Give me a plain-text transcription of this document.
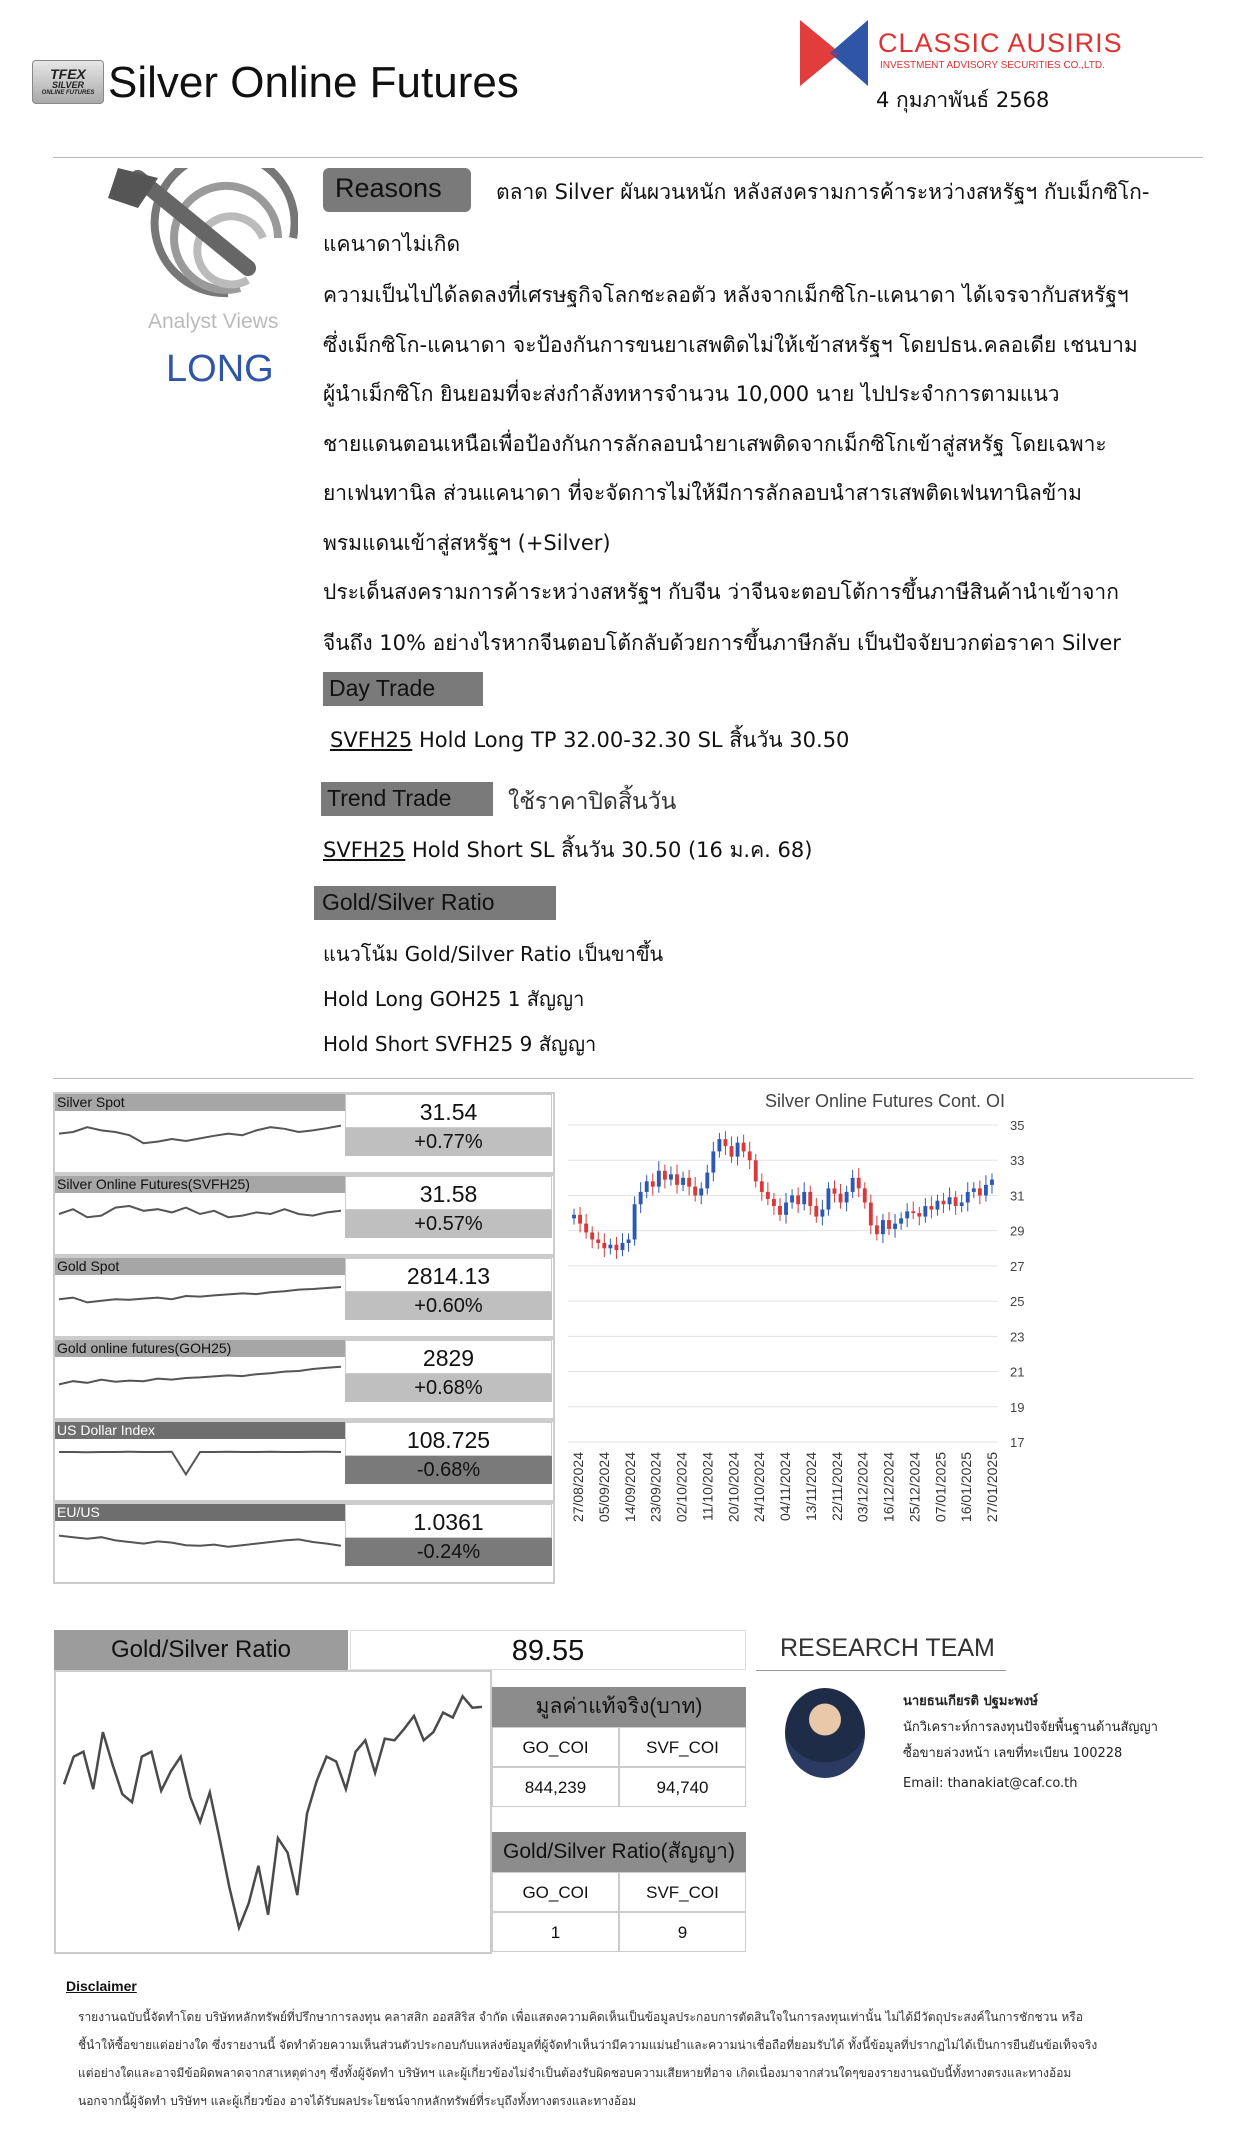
TFEX
SILVER
ONLINE FUTURES Silver Online Futures
CLASSIC AUSIRIS
INVESTMENT ADVISORY SECURITIES CO.,LTD.
4 กุมภาพันธ์ 2568
Analyst Views
LONG
Reasons	ตลาด Silver ผันผวนหนัก หลังสงครามการค้าระหว่างสหรัฐฯ กับเม็กซิโก-
แคนาดาไม่เกิด
ความเป็นไปได้ลดลงที่เศรษฐกิจโลกชะลอตัว หลังจากเม็กซิโก-แคนาดา ได้เจรจากับสหรัฐฯ
ซึ่งเม็กซิโก-แคนาดา จะป้องกันการขนยาเสพติดไม่ให้เข้าสหรัฐฯ โดยปธน.คลอเดีย เชนบาม
ผู้นำเม็กซิโก ยินยอมที่จะส่งกำลังทหารจำนวน 10,000 นาย ไปประจำการตามแนว
ชายแดนตอนเหนือเพื่อป้องกันการลักลอบนำยาเสพติดจากเม็กซิโกเข้าสู่สหรัฐ โดยเฉพาะ
ยาเฟนทานิล ส่วนแคนาดา ที่จะจัดการไม่ให้มีการลักลอบนำสารเสพติดเฟนทานิลข้าม
พรมแดนเข้าสู่สหรัฐฯ (+Silver)
ประเด็นสงครามการค้าระหว่างสหรัฐฯ กับจีน ว่าจีนจะตอบโต้การขึ้นภาษีสินค้านำเข้าจาก
จีนถึง 10% อย่างไรหากจีนตอบโต้กลับด้วยการขึ้นภาษีกลับ เป็นปัจจัยบวกต่อราคา Silver
Day Trade
SVFH25 Hold Long TP 32.00-32.30 SL สิ้นวัน 30.50
Trend Trade	ใช้ราคาปิดสิ้นวัน
SVFH25 Hold Short SL สิ้นวัน 30.50 (16 ม.ค. 68)
Gold/Silver Ratio
แนวโน้ม Gold/Silver Ratio เป็นขาขึ้น
Hold Long GOH25 1 สัญญา
Hold Short SVFH25 9 สัญญา
Silver Spot	31.54
+0.77%
Silver Online Futures(SVFH25)	31.58
+0.57%
Gold Spot	2814.13
+0.60%
Gold online futures(GOH25)	2829
+0.68%
US Dollar Index	108.725
-0.68%
EU/US	1.0361
-0.24%
Silver Online Futures Cont. OI
35
33
31
29
27
25
23
21
19
17
27/08/2024 05/09/2024 14/09/2024 23/09/2024 02/10/2024 11/10/2024 20/10/2024 24/10/2024 04/11/2024 13/11/2024 22/11/2024 03/12/2024 16/12/2024 25/12/2024 07/01/2025 16/01/2025 27/01/2025
Gold/Silver Ratio	89.55	RESEARCH TEAM
มูลค่าแท้จริง(บาท)
GO_COI	SVF_COI
844,239	94,740
Gold/Silver Ratio(สัญญา)
GO_COI	SVF_COI
1	9
นายธนเกียรติ ปฐมะพงษ์
นักวิเคราะห์การลงทุนปัจจัยพื้นฐานด้านสัญญา
ซื้อขายล่วงหน้า เลขที่ทะเบียน 100228
Email: thanakiat@caf.co.th
Disclaimer
รายงานฉบับนี้จัดทำโดย บริษัทหลักทรัพย์ที่ปรึกษาการลงทุน คลาสสิก ออสสิริส จำกัด เพื่อแสดงความคิดเห็นเป็นข้อมูลประกอบการตัดสินใจในการลงทุนเท่านั้น ไม่ได้มีวัตถุประสงค์ในการชักชวน หรือ
ชี้นำให้ซื้อขายแต่อย่างใด ซึ่งรายงานนี้ จัดทำด้วยความเห็นส่วนตัวประกอบกับแหล่งข้อมูลที่ผู้จัดทำเห็นว่ามีความแม่นยำและความน่าเชื่อถือที่ยอมรับได้ ทั้งนี้ข้อมูลที่ปรากฏไม่ได้เป็นการยืนยันข้อเท็จจริง
แต่อย่างใดและอาจมีข้อผิดพลาดจากสาเหตุต่างๆ ซึ่งทั้งผู้จัดทำ บริษัทฯ และผู้เกี่ยวข้องไม่จำเป็นต้องรับผิดชอบความเสียหายที่อาจ เกิดเนื่องมาจากส่วนใดๆของรายงานฉบับนี้ทั้งทางตรงและทางอ้อม
นอกจากนี้ผู้จัดทำ บริษัทฯ และผู้เกี่ยวข้อง อาจได้รับผลประโยชน์จากหลักทรัพย์ที่ระบุถึงทั้งทางตรงและทางอ้อม
